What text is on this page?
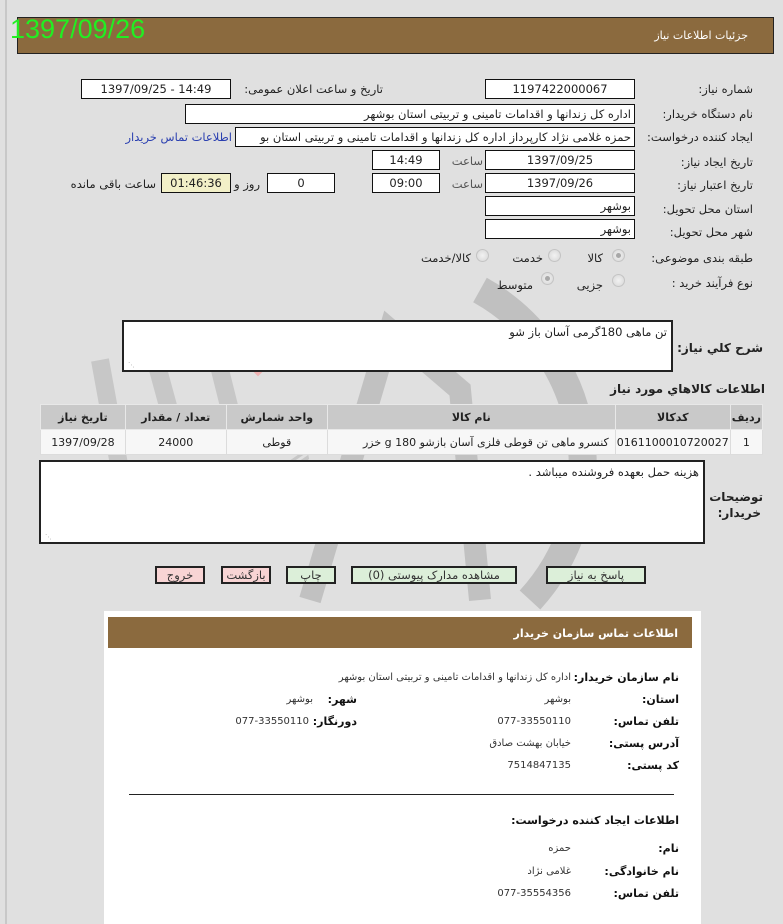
1397/09/26	جزئیات اطلاعات نیاز
شماره نیاز:
1197422000067
تاریخ و ساعت اعلان عمومی:
1397/09/25 - 14:49
نام دستگاه خریدار:
اداره کل زندانها و اقدامات تامینی و تربیتی استان بوشهر
ایجاد کننده درخواست:
حمزه غلامی نژاد کارپرداز اداره کل زندانها و اقدامات تامینی و تربیتی استان بو
اطلاعات تماس خریدار
تاریخ ایجاد نیاز:
1397/09/25
ساعت
14:49
تاریخ اعتبار نیاز:
1397/09/26
ساعت
09:00
0
روز و
01:46:36
ساعت باقی مانده
استان محل تحویل:
بوشهر
شهر محل تحویل:
بوشهر
طبقه بندی موضوعی:
کالا
خدمت
کالا/خدمت
نوع فرآیند خرید :
جزیی
متوسط
شرح کلي نياز:
تن ماهی 180گرمی آسان باز شو
⋰
اطلاعات کالاهاي مورد نياز
ردیف	کدکالا	نام کالا	واحد شمارش	تعداد / مقدار	تاریخ نیاز
1	0161100010720027	کنسرو ماهی تن قوطی فلزی آسان بازشو 180 g خزر	قوطی	24000	1397/09/28
توضیحات
خریدار:
هزینه حمل بعهده فروشنده میباشد .
⋰
پاسخ به نیاز
مشاهده مدارک پیوستی (0)
چاپ
بازگشت
خروج
اطلاعات تماس سازمان خریدار
نام سازمان خریدار:
اداره کل زندانها و اقدامات تامینی و تربیتی استان بوشهر
استان:
بوشهر
شهر:
بوشهر
تلفن تماس:
077-33550110
دورنگار:
077-33550110
آدرس پستی:
خیابان بهشت صادق
کد پستی:
7514847135
اطلاعات ایجاد کننده درخواست:
نام:
حمزه
نام خانوادگی:
غلامی نژاد
تلفن تماس:
077-35554356
